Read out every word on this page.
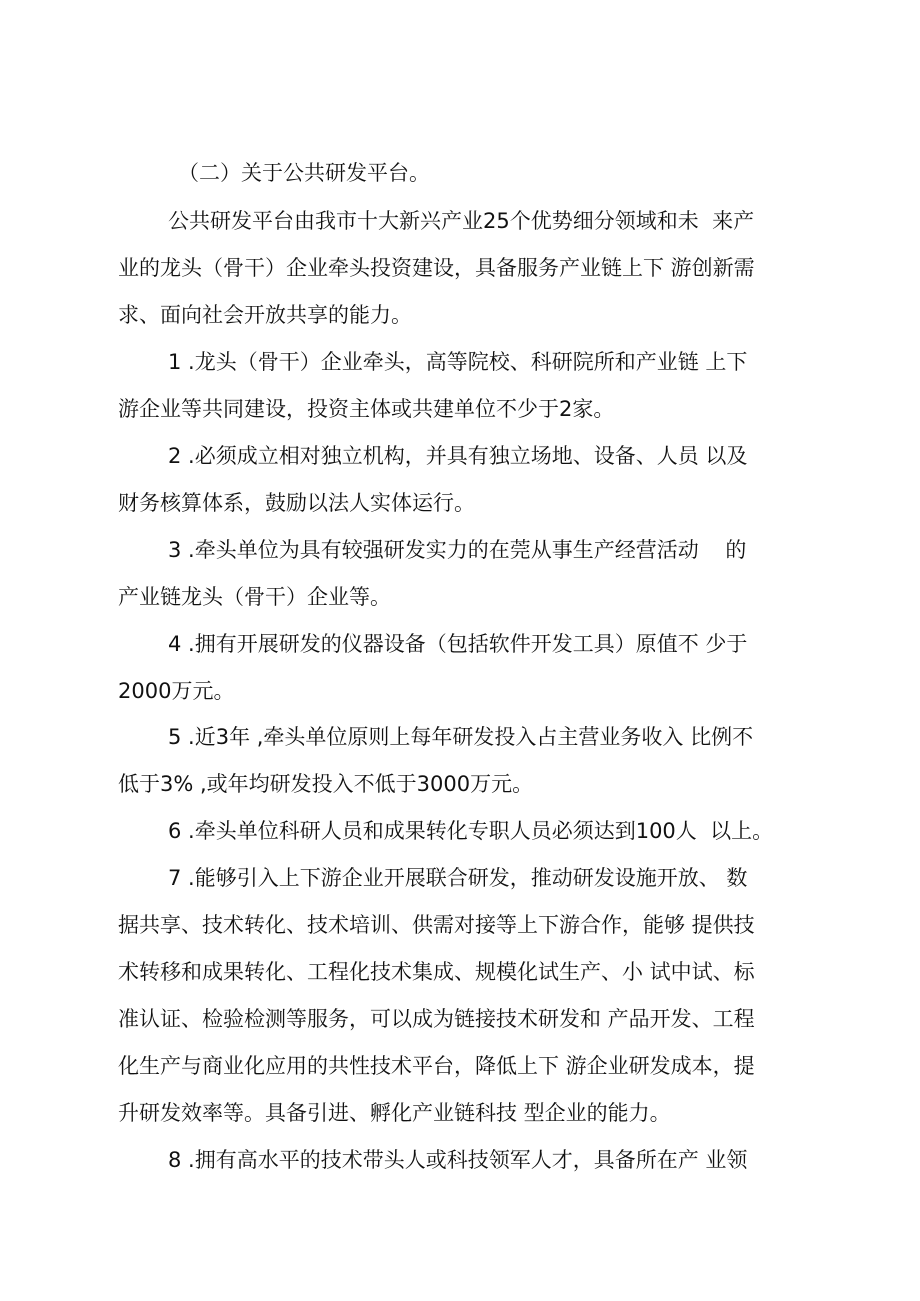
（二）关于公共研发平台。
公共研发平台由我市十大新兴产业25个优势细分领域和未  来产
业的龙头（骨干）企业牵头投资建设，具备服务产业链上下 游创新需
求、面向社会开放共享的能力。
1 .龙头（骨干）企业牵头，高等院校、科研院所和产业链 上下
游企业等共同建设，投资主体或共建单位不少于2家。
2 .必须成立相对独立机构，并具有独立场地、设备、人员 以及
财务核算体系，鼓励以法人实体运行。
3 .牵头单位为具有较强研发实力的在莞从事生产经营活动    的
产业链龙头（骨干）企业等。
4 .拥有开展研发的仪器设备（包括软件开发工具）原值不 少于
2000万元。
5 .近3年 ,牵头单位原则上每年研发投入占主营业务收入 比例不
低于3% ,或年均研发投入不低于3000万元。
6 .牵头单位科研人员和成果转化专职人员必须达到100人  以上。
7 .能够引入上下游企业开展联合研发，推动研发设施开放、 数
据共享、技术转化、技术培训、供需对接等上下游合作，能够 提供技
术转移和成果转化、工程化技术集成、规模化试生产、小 试中试、标
准认证、检验检测等服务，可以成为链接技术研发和 产品开发、工程
化生产与商业化应用的共性技术平台，降低上下 游企业研发成本，提
升研发效率等。具备引进、孵化产业链科技 型企业的能力。
8 .拥有高水平的技术带头人或科技领军人才，具备所在产 业领
